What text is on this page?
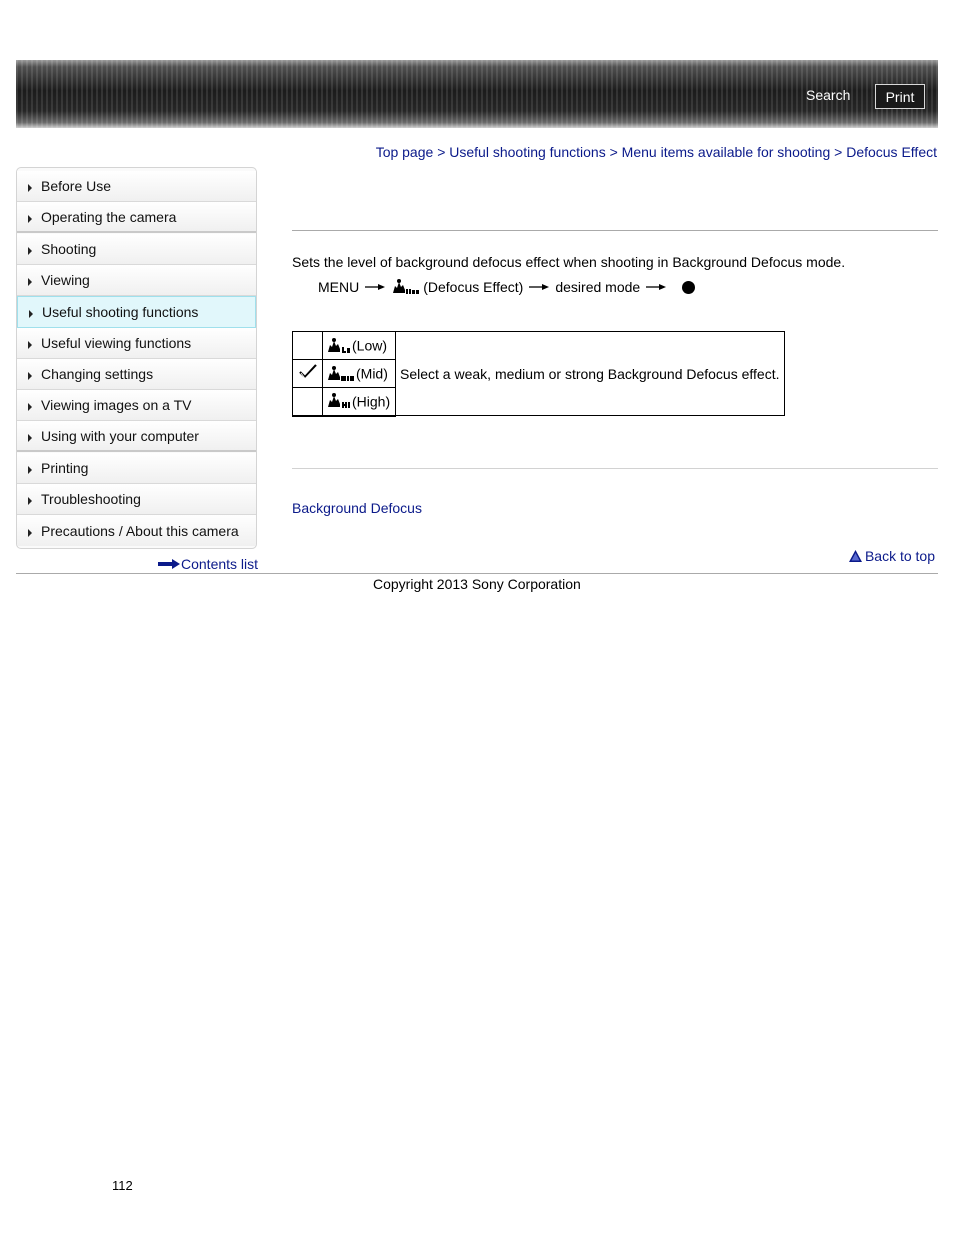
Search	Print
Top page > Useful shooting functions > Menu items available for shooting > Defocus Effect
Before Use
Operating the camera
Shooting
Viewing
Useful shooting functions
Useful viewing functions
Changing settings
Viewing images on a TV
Using with your computer
Printing
Troubleshooting
Precautions / About this camera
Contents list
Sets the level of background defocus effect when shooting in Background Defocus mode.
MENU	(Defocus Effect) desired mode
	(Low)	Select a weak, medium or strong Background Defocus effect.
	(Mid)	
	(High)	
Background Defocus
Back to top
Copyright 2013 Sony Corporation
112
